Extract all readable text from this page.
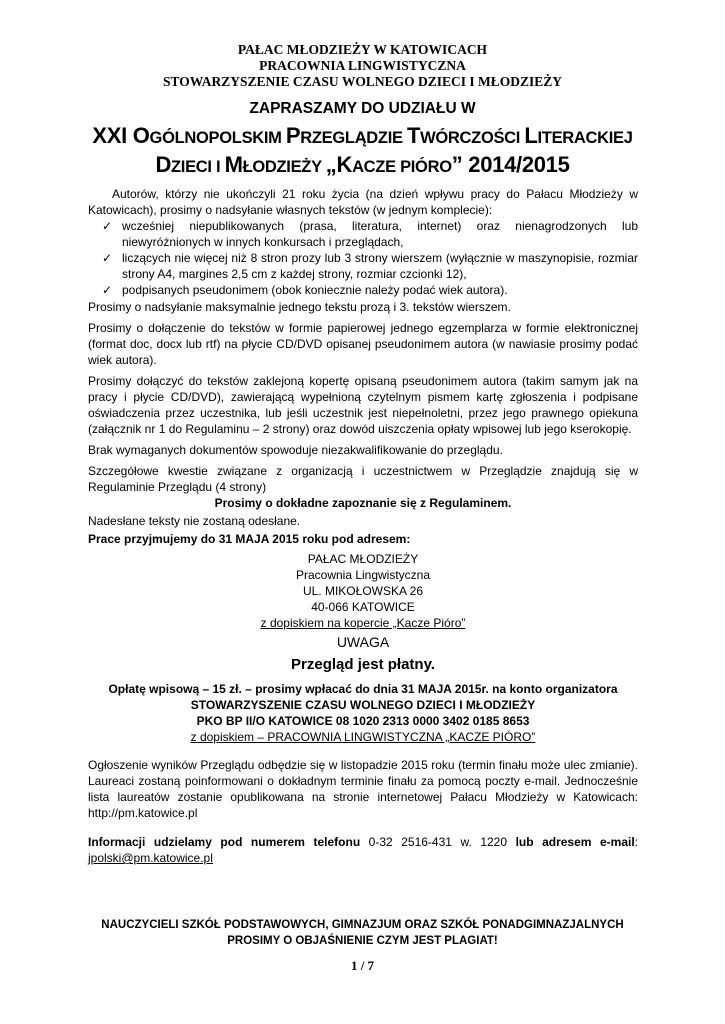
PAŁAC MŁODZIEŻY W KATOWICACH
PRACOWNIA LINGWISTYCZNA
STOWARZYSZENIE CZASU WOLNEGO DZIECI I MŁODZIEŻY
ZAPRASZAMY DO UDZIAŁU W
XXI OGÓLNOPOLSKIM PRZEGLĄDZIE TWÓRCZOŚCI LITERACKIEJ
DZIECI I MŁODZIEŻY „KACZE PIÓRO” 2014/2015

Autorów, którzy nie ukończyli 21 roku życia (na dzień wpływu pracy do Pałacu Młodzieży w Katowicach), prosimy o nadsyłanie własnych tekstów (w jednym komplecie):

✓ wcześniej niepublikowanych (prasa, literatura, internet) oraz nienagrodzonych lub niewyróżnionych w innych konkursach i przeglądach,

✓ liczących nie więcej niż 8 stron prozy lub 3 strony wierszem (wyłącznie w maszynopisie, rozmiar strony A4, margines 2,5 cm z każdej strony, rozmiar czcionki 12),

✓ podpisanych pseudonimem (obok koniecznie należy podać wiek autora).

Prosimy o nadsyłanie maksymalnie jednego tekstu prozą i 3. tekstów wierszem.

Prosimy o dołączenie do tekstów w formie papierowej jednego egzemplarza w formie elektronicznej (format doc, docx lub rtf) na płycie CD/DVD opisanej pseudonimem autora (w nawiasie prosimy podać wiek autora).

Prosimy dołączyć do tekstów zaklejoną kopertę opisaną pseudonimem autora (takim samym jak na pracy i płycie CD/DVD), zawierającą wypełnioną czytelnym pismem kartę zgłoszenia i podpisane oświadczenia przez uczestnika, lub jeśli uczestnik jest niepełnoletni, przez jego prawnego opiekuna (załącznik nr 1 do Regulaminu – 2 strony) oraz dowód uiszczenia opłaty wpisowej lub jego kserokopię.

Brak wymaganych dokumentów spowoduje niezakwalifikowanie do przeglądu.

Szczegółowe kwestie związane z organizacją i uczestnictwem w Przeglądzie znajdują się w Regulaminie Przeglądu (4 strony)

Prosimy o dokładne zapoznanie się z Regulaminem.

Nadesłane teksty nie zostaną odesłane.

Prace przyjmujemy do 31 MAJA 2015 roku pod adresem:

PAŁAC MŁODZIEŻY
Pracownia Lingwistyczna
UL. MIKOŁOWSKA 26
40-066 KATOWICE
z dopiskiem na kopercie „Kacze Pióro”

UWAGA

Przegląd jest płatny.

Opłatę wpisową – 15 zł. – prosimy wpłacać do dnia 31 MAJA 2015r. na konto organizatora

STOWARZYSZENIE CZASU WOLNEGO DZIECI I MŁODZIEŻY

PKO BP II/O KATOWICE 08 1020 2313 0000 3402 0185 8653

z dopiskiem – PRACOWNIA LINGWISTYCZNA „KACZE PIÓRO”

Ogłoszenie wyników Przeglądu odbędzie się w listopadzie 2015 roku (termin finału może ulec zmianie). Laureaci zostaną poinformowani o dokładnym terminie finału za pomocą poczty e-mail. Jednocześnie lista laureatów zostanie opublikowana na stronie internetowej Pałacu Młodzieży w Katowicach: http://pm.katowice.pl

Informacji udzielamy pod numerem telefonu 0-32 2516-431 w. 1220 lub adresem e-mail: jpolski@pm.katowice.pl

NAUCZYCIELI SZKÓŁ PODSTAWOWYCH, GIMNAZJUM ORAZ SZKÓŁ PONADGIMNAZJALNYCH
PROSIMY O OBJAŚNIENIE CZYM JEST PLAGIAT!
1 / 7
